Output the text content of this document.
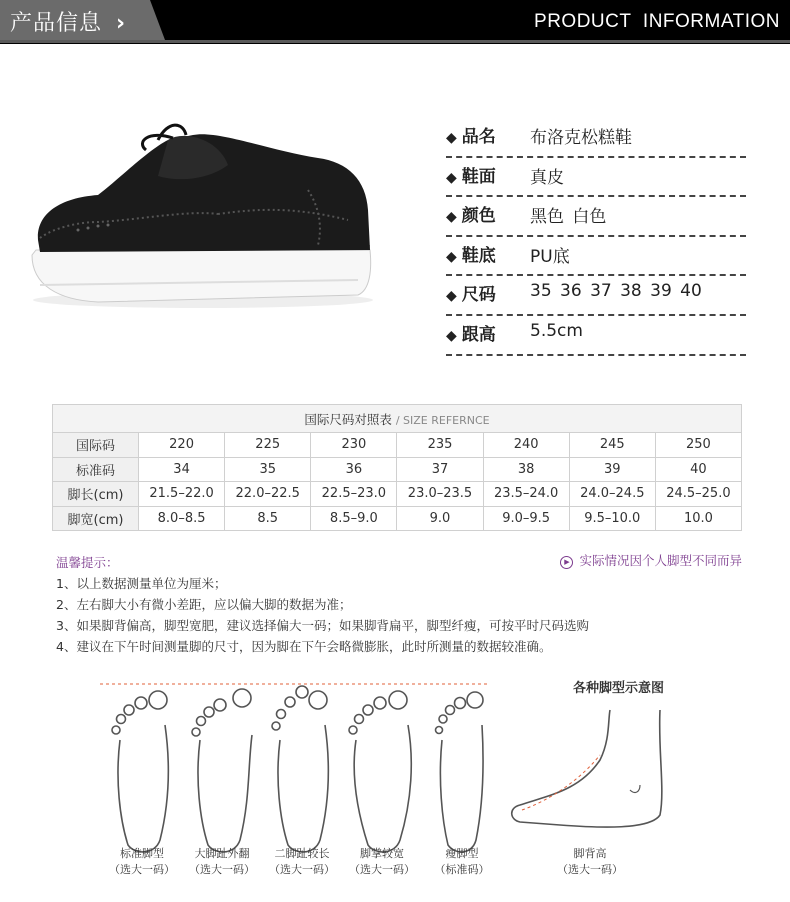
产品信息 ›	PRODUCT INFORMATION
◆ 品名 布洛克松糕鞋
◆ 鞋面 真皮
◆ 颜色 黑色 白色
◆ 鞋底 PU底
◆ 尺码 35 36 37 38 39 40
◆ 跟高 5.5cm
国际尺码对照表 / SIZE REFERNCE							
国际码	220	225	230	235	240	245	250
标准码	34	35	36	37	38	39	40
脚长(cm)	21.5–22.0	22.0–22.5	22.5–23.0	23.0–23.5	23.5–24.0	24.0–24.5	24.5–25.0
脚宽(cm)	8.0–8.5	8.5	8.5–9.0	9.0	9.0–9.5	9.5–10.0	10.0
温馨提示：	▶ 实际情况因个人脚型不同而异
1、以上数据测量单位为厘米；
2、左右脚大小有微小差距，应以偏大脚的数据为准；
3、如果脚背偏高，脚型宽肥，建议选择偏大一码；如果脚背扁平，脚型纤瘦，可按平时尺码选购
4、建议在下午时间测量脚的尺寸，因为脚在下午会略微膨胀，此时所测量的数据较准确。
各种脚型示意图
标准脚型
（选大一码）
大脚趾外翻
（选大一码）
二脚趾较长
（选大一码）
脚掌较宽
（选大一码）
瘦脚型
（标准码）
脚背高
（选大一码）
